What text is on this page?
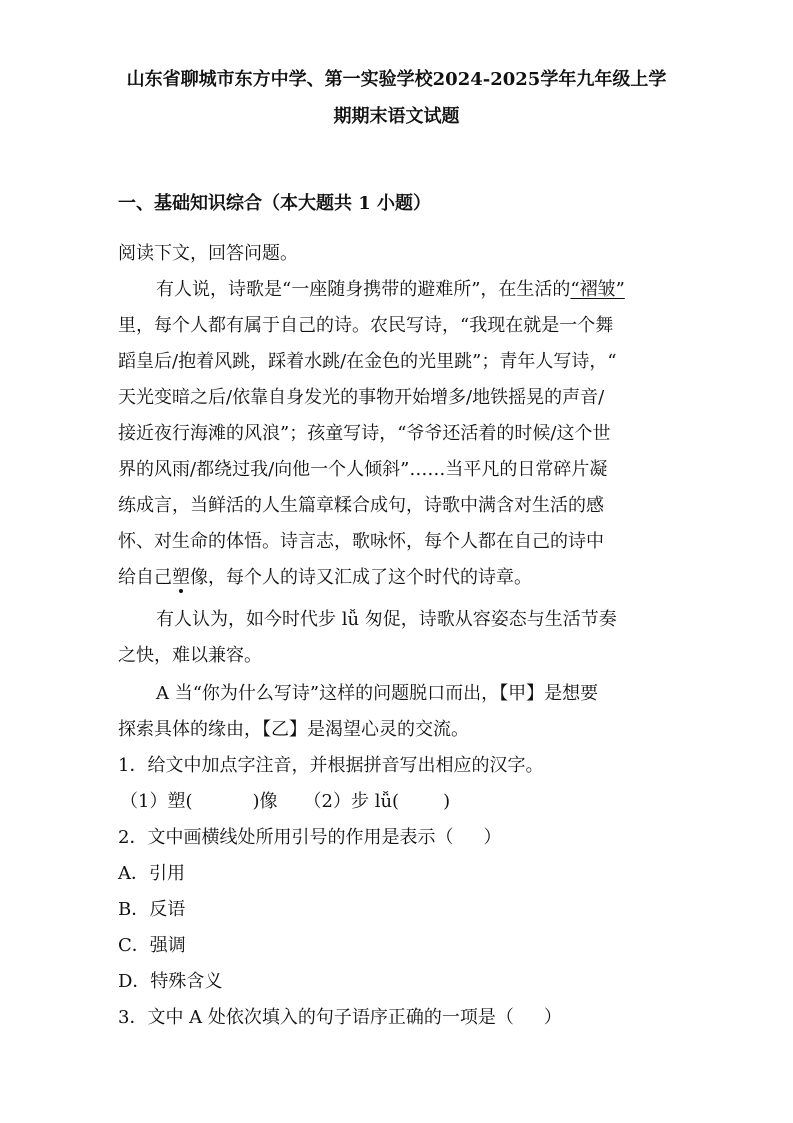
山东省聊城市东方中学、第一实验学校2024-2025学年九年级上学

期期末语文试题

一、基础知识综合（本大题共 1 小题）

阅读下文，回答问题。

有人说，诗歌是“一座随身携带的避难所”，在生活的“褶皱”

里，每个人都有属于自己的诗。农民写诗，“我现在就是一个舞

蹈皇后/抱着风跳，踩着水跳/在金色的光里跳”；青年人写诗，“

天光变暗之后/依靠自身发光的事物开始增多/地铁摇晃的声音/

接近夜行海滩的风浪”；孩童写诗，“爷爷还活着的时候/这个世

界的风雨/都绕过我/向他一个人倾斜”……当平凡的日常碎片凝

练成言，当鲜活的人生篇章糅合成句，诗歌中满含对生活的感

怀、对生命的体悟。诗言志，歌咏怀，每个人都在自己的诗中

给自己塑像，每个人的诗又汇成了这个时代的诗章。

有人认为，如今时代步 lǚ 匆促，诗歌从容姿态与生活节奏

之快，难以兼容。

A 当“你为什么写诗”这样的问题脱口而出，【甲】是想要

探索具体的缘由，【乙】是渴望心灵的交流。

1．给文中加点字注音，并根据拼音写出相应的汉字。

（1）塑(	)像 （2）步 lǚ( )

2．文中画横线处所用引号的作用是表示（ ）

A．引用

B．反语

C．强调

D．特殊含义

3．文中 A 处依次填入的句子语序正确的一项是（ ）
